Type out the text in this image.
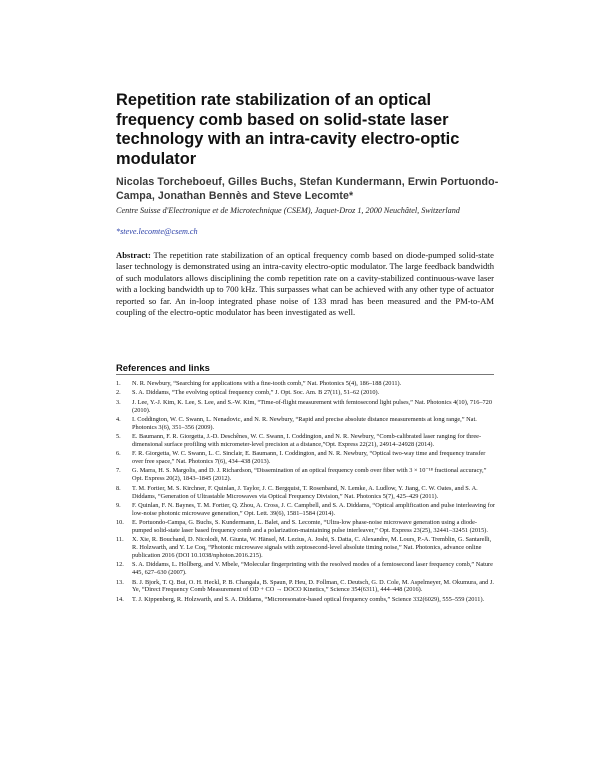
Repetition rate stabilization of an optical frequency comb based on solid-state laser technology with an intra-cavity electro-optic modulator
Nicolas Torcheboeuf, Gilles Buchs, Stefan Kundermann, Erwin Portuondo-Campa, Jonathan Bennès and Steve Lecomte*
Centre Suisse d'Electronique et de Microtechnique (CSEM), Jaquet-Droz 1, 2000 Neuchâtel, Switzerland
*steve.lecomte@csem.ch

Abstract: The repetition rate stabilization of an optical frequency comb based on diode-pumped solid-state laser technology is demonstrated using an intra-cavity electro-optic modulator. The large feedback bandwidth of such modulators allows disciplining the comb repetition rate on a cavity-stabilized continuous-wave laser with a locking bandwidth up to 700 kHz. This surpasses what can be achieved with any other type of actuator reported so far. An in-loop integrated phase noise of 133 mrad has been measured and the PM-to-AM coupling of the electro-optic modulator has been investigated as well.

References and links
1.	N. R. Newbury, “Searching for applications with a fine-tooth comb,” Nat. Photonics 5(4), 186–188 (2011).
2.	S. A. Diddams, “The evolving optical frequency comb,” J. Opt. Soc. Am. B 27(11), 51–62 (2010).
3.	J. Lee, Y.-J. Kim, K. Lee, S. Lee, and S.-W. Kim, “Time-of-flight measurement with femtosecond light pulses,” Nat. Photonics 4(10), 716–720 (2010).
4.	I. Coddington, W. C. Swann, L. Nenadovic, and N. R. Newbury, “Rapid and precise absolute distance measurements at long range,” Nat. Photonics 3(6), 351–356 (2009).
5.	E. Baumann, F. R. Giorgetta, J.-D. Deschênes, W. C. Swann, I. Coddington, and N. R. Newbury, “Comb-calibrated laser ranging for three-dimensional surface profiling with micrometer-level precision at a distance,”Opt. Express 22(21), 24914–24928 (2014).
6.	F. R. Giorgetta, W. C. Swann, L. C. Sinclair, E. Baumann, I. Coddington, and N. R. Newbury, “Optical two-way time and frequency transfer over free space,” Nat. Photonics 7(6), 434–438 (2013).
7.	G. Marra, H. S. Margolis, and D. J. Richardson, “Dissemination of an optical frequency comb over fiber with 3 × 10⁻¹⁸ fractional accuracy,” Opt. Express 20(2), 1843–1845 (2012).
8.	T. M. Fortier, M. S. Kirchner, F. Quinlan, J. Taylor, J. C. Bergquist, T. Rosenband, N. Lemke, A. Ludlow, Y. Jiang, C. W. Oates, and S. A. Diddams, “Generation of Ultrastable Microwaves via Optical Frequency Division,” Nat. Photonics 5(7), 425–429 (2011).
9.	F. Quinlan, F. N. Baynes, T. M. Fortier, Q. Zhou, A. Cross, J. C. Campbell, and S. A. Diddams, “Optical amplification and pulse interleaving for low-noise photonic microwave generation,” Opt. Lett. 39(6), 1581–1584 (2014).
10.	E. Portuondo-Campa, G. Buchs, S. Kundermann, L. Balet, and S. Lecomte, “Ultra-low phase-noise microwave generation using a diode-pumped solid-state laser based frequency comb and a polarization-maintaining pulse interleaver,” Opt. Express 23(25), 32441–32451 (2015).
11.	X. Xie, R. Bouchand, D. Nicolodi, M. Giunta, W. Hänsel, M. Lezius, A. Joshi, S. Datta, C. Alexandre, M. Lours, P.-A. Tremblin, G. Santarelli, R. Holzwarth, and Y. Le Coq, “Photonic microwave signals with zeptosecond-level absolute timing noise,” Nat. Photonics, advance online publication 2016 (DOI 10.1038/nphoton.2016.215).
12.	S. A. Diddams, L. Hollberg, and V. Mbele, “Molecular fingerprinting with the resolved modes of a femtosecond laser frequency comb,” Nature 445, 627–630 (2007).
13.	B. J. Bjork, T. Q. Bui, O. H. Heckl, P. B. Changala, B. Spaun, P. Heu, D. Follman, C. Deutsch, G. D. Cole, M. Aspelmeyer, M. Okumura, and J. Ye, “Direct Frequency Comb Measurement of OD + CO → DOCO Kinetics,” Science 354(6311), 444–448 (2016).
14.	T. J. Kippenberg, R. Holzwarth, and S. A. Diddams, “Microresonator-based optical frequency combs,” Science 332(6029), 555–559 (2011).
